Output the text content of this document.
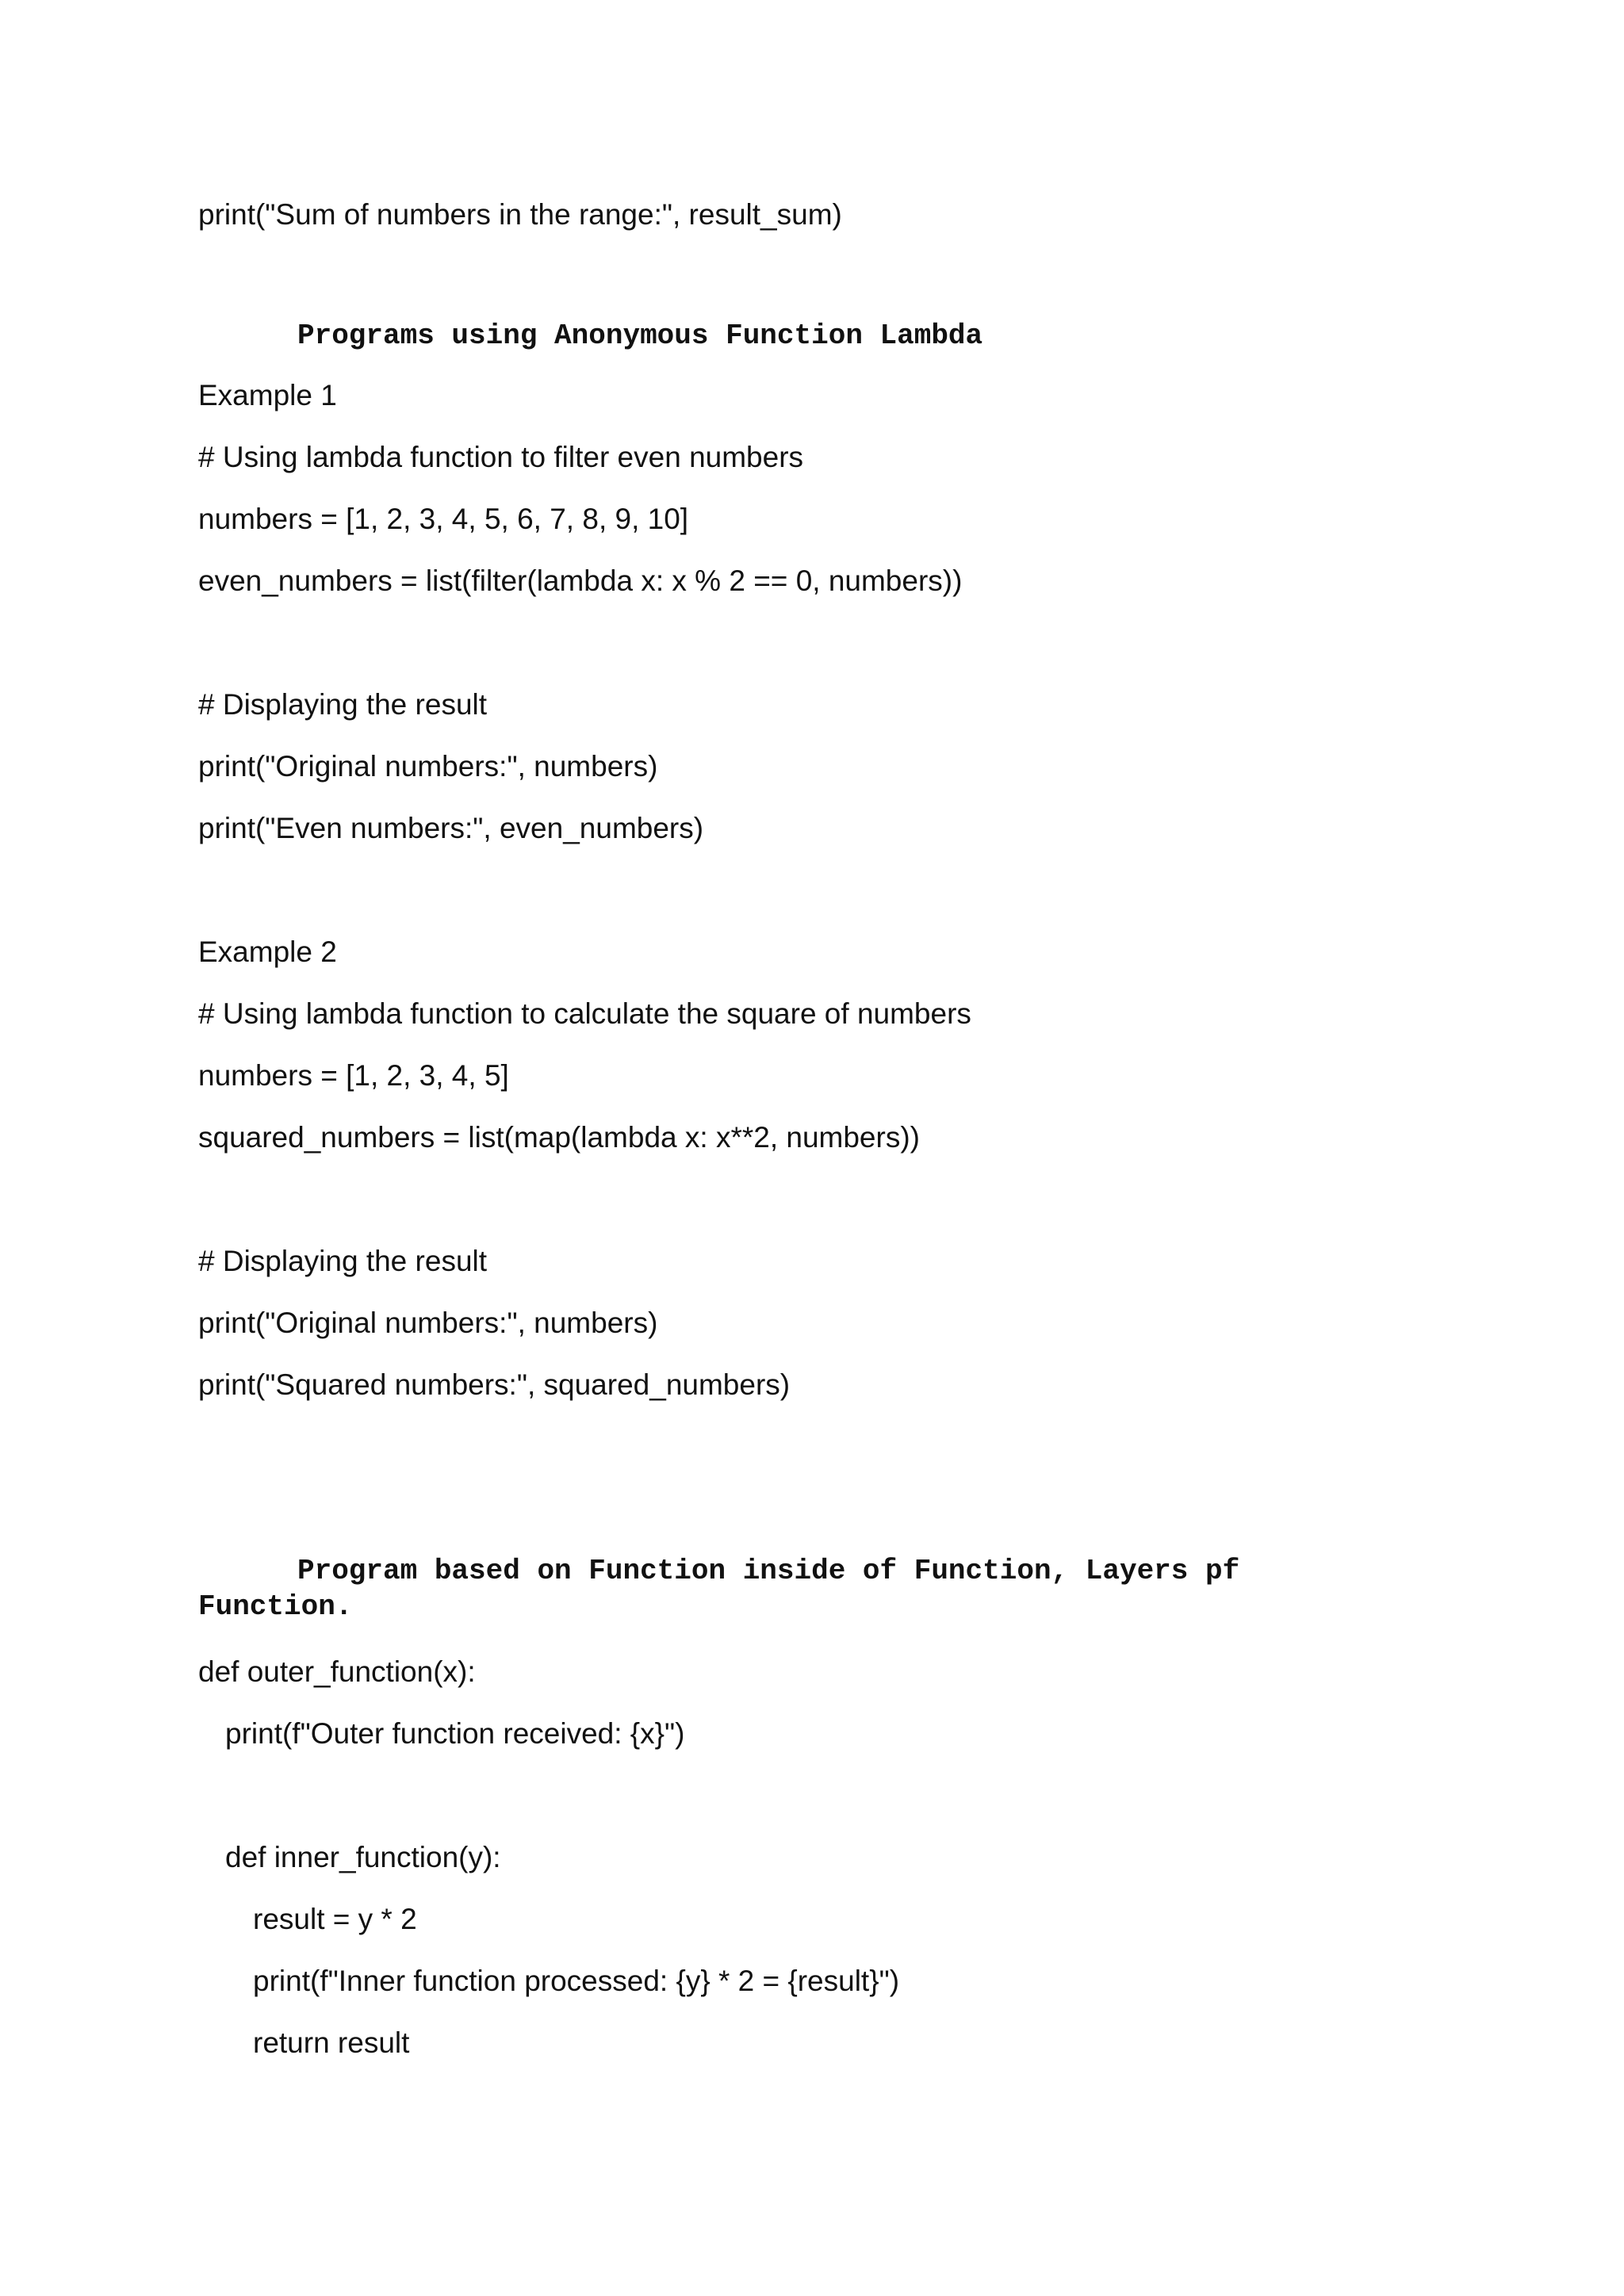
print("Sum of numbers in the range:", result_sum)
Programs using Anonymous Function Lambda
Example 1
# Using lambda function to filter even numbers
numbers = [1, 2, 3, 4, 5, 6, 7, 8, 9, 10]
even_numbers = list(filter(lambda x: x % 2 == 0, numbers))
# Displaying the result
print("Original numbers:", numbers)
print("Even numbers:", even_numbers)
Example 2
# Using lambda function to calculate the square of numbers
numbers = [1, 2, 3, 4, 5]
squared_numbers = list(map(lambda x: x**2, numbers))
# Displaying the result
print("Original numbers:", numbers)
print("Squared numbers:", squared_numbers)
Program based on Function inside of Function, Layers pf
Function.
def outer_function(x):
print(f"Outer function received: {x}")
def inner_function(y):
result = y * 2
print(f"Inner function processed: {y} * 2 = {result}")
return result
